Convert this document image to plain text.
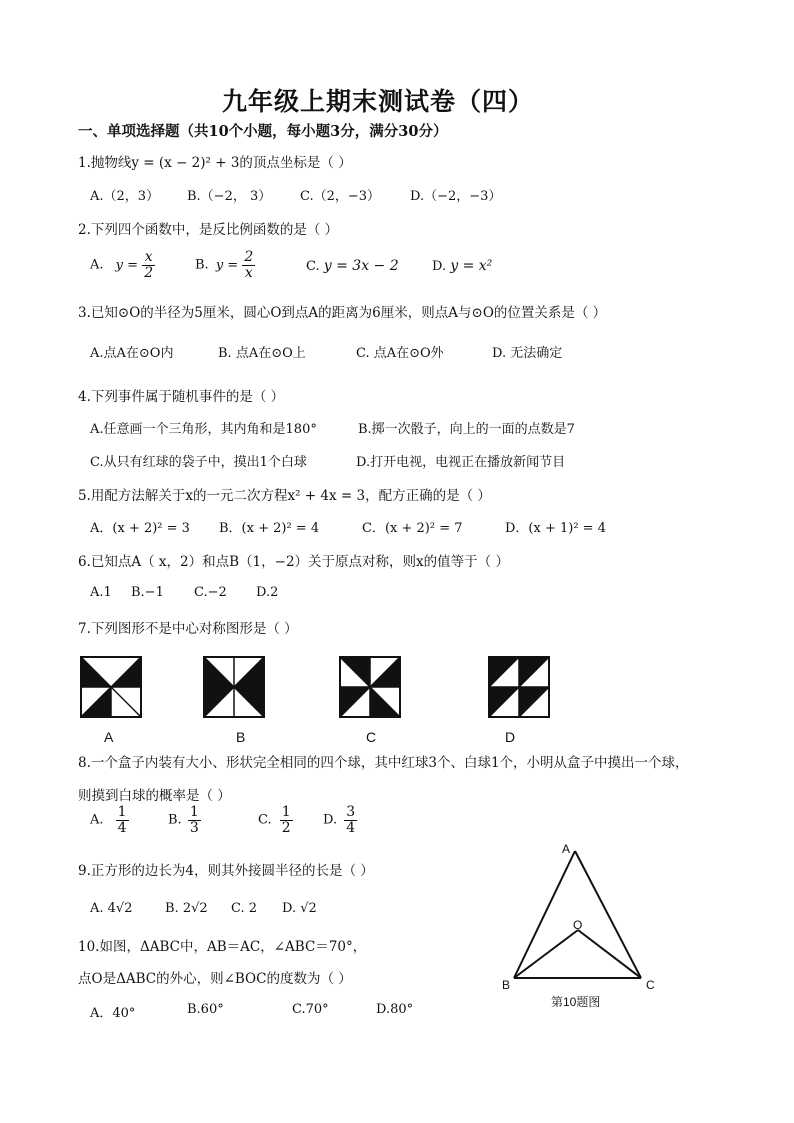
九年级上期末测试卷（四）
一、单项选择题（共10个小题，每小题3分，满分30分）
1.抛物线y = (x − 2)² + 3的顶点坐标是（ ）
A.（2，3） B.（−2， 3） C.（2，−3） D.（−2，−3）
2.下列四个函数中，是反比例函数的是（ ）
A. $y = \frac{x}{2}$	B. $y = \frac{2}{x}$	C. y = 3x − 2	D. y = x²
3.已知⊙O的半径为5厘米，圆心O到点A的距离为6厘米，则点A与⊙O的位置关系是（ ）
A.点A在⊙O内	B. 点A在⊙O上	C. 点A在⊙O外	D. 无法确定
4.下列事件属于随机事件的是（ ）
A.任意画一个三角形，其内角和是180°	B.掷一次骰子，向上的一面的点数是7
C.从只有红球的袋子中，摸出1个白球	D.打开电视，电视正在播放新闻节目
5.用配方法解关于x的一元二次方程x² + 4x = 3，配方正确的是（ ）
A．(x + 2)² = 3 B．(x + 2)² = 4	C．(x + 2)² = 7	D．(x + 1)² = 4
6.已知点A（ x，2）和点B（1，−2）关于原点对称，则x的值等于（ ）
A.1 B.−1 C.−2 D.2
7.下列图形不是中心对称图形是（ ）
A	B	C	D
8.一个盒子内装有大小、形状完全相同的四个球，其中红球3个、白球1个，小明从盒子中摸出一个球，
则摸到白球的概率是（ ）
A. $\frac{1}{4}$	B. $\frac{1}{3}$	C. $\frac{1}{2} D$. $\frac{3}{4}$
9.正方形的边长为4，则其外接圆半径的长是（ ）
A. 4√2	B. 2√2 C. 2 D. √2
10.如图，ΔABC中，AB＝AC，∠ABC＝70°，
点O是ΔABC的外心，则∠BOC的度数为（ ）
A．40°	B.60°	C.70°	D.80°
A
B	C
O
第10题图
